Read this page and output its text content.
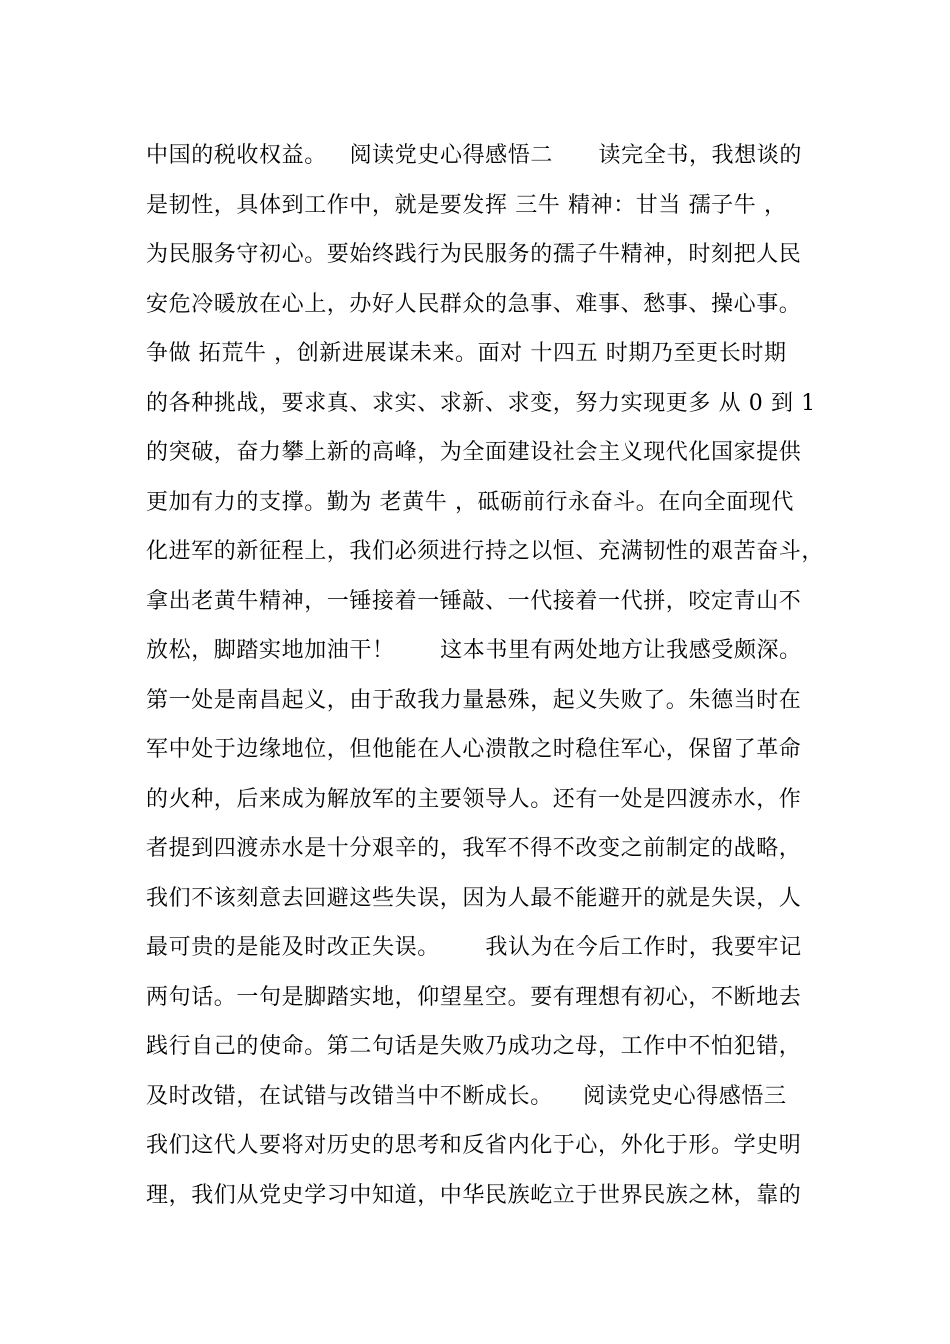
中国的税收权益。   阅读党史心得感悟二      读完全书，我想谈的
是韧性，具体到工作中，就是要发挥 三牛 精神：甘当 孺子牛 ，
为民服务守初心。要始终践行为民服务的孺子牛精神，时刻把人民
安危冷暖放在心上，办好人民群众的急事、难事、愁事、操心事。
争做 拓荒牛 ，创新进展谋未来。面对 十四五 时期乃至更长时期
的各种挑战，要求真、求实、求新、求变，努力实现更多 从 0 到 1
的突破，奋力攀上新的高峰，为全面建设社会主义现代化国家提供
更加有力的支撑。勤为 老黄牛 ，砥砺前行永奋斗。在向全面现代
化进军的新征程上，我们必须进行持之以恒、充满韧性的艰苦奋斗，
拿出老黄牛精神，一锤接着一锤敲、一代接着一代拼，咬定青山不
放松，脚踏实地加油干！      这本书里有两处地方让我感受颇深。
第一处是南昌起义，由于敌我力量悬殊，起义失败了。朱德当时在
军中处于边缘地位，但他能在人心溃散之时稳住军心，保留了革命
的火种，后来成为解放军的主要领导人。还有一处是四渡赤水，作
者提到四渡赤水是十分艰辛的，我军不得不改变之前制定的战略，
我们不该刻意去回避这些失误，因为人最不能避开的就是失误，人
最可贵的是能及时改正失误。      我认为在今后工作时，我要牢记
两句话。一句是脚踏实地，仰望星空。要有理想有初心，不断地去
践行自己的使命。第二句话是失败乃成功之母，工作中不怕犯错，
及时改错，在试错与改错当中不断成长。    阅读党史心得感悟三
我们这代人要将对历史的思考和反省内化于心，外化于形。学史明
理，我们从党史学习中知道，中华民族屹立于世界民族之林，靠的
